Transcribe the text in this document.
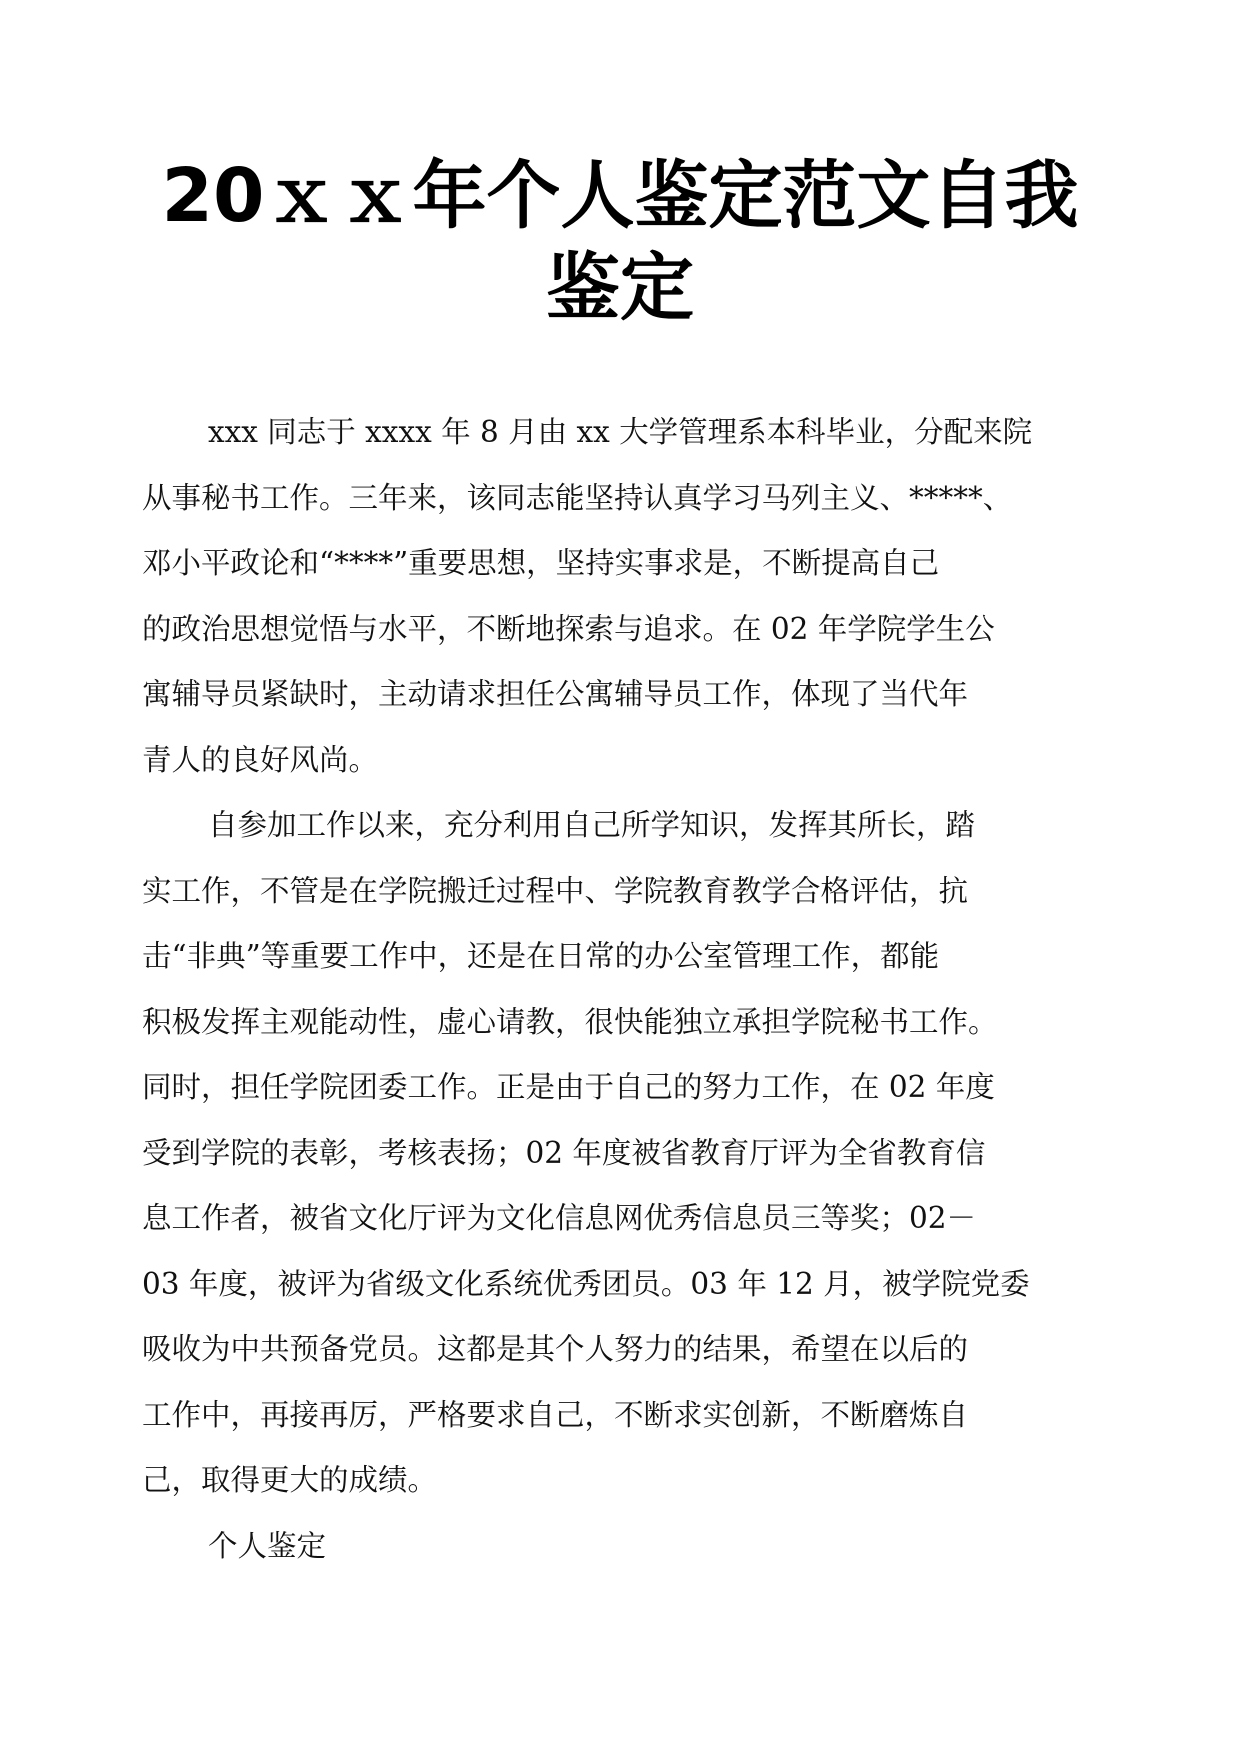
20ｘｘ年个人鉴定范文自我
鉴定
xxx 同志于 xxxx 年 8 月由 xx 大学管理系本科毕业，分配来院
从事秘书工作。三年来，该同志能坚持认真学习马列主义、*****、
邓小平政论和“****”重要思想，坚持实事求是，不断提高自己
的政治思想觉悟与水平，不断地探索与追求。在 02 年学院学生公
寓辅导员紧缺时，主动请求担任公寓辅导员工作，体现了当代年
青人的良好风尚。
自参加工作以来，充分利用自己所学知识，发挥其所长，踏
实工作，不管是在学院搬迁过程中、学院教育教学合格评估，抗
击“非典”等重要工作中，还是在日常的办公室管理工作，都能
积极发挥主观能动性，虚心请教，很快能独立承担学院秘书工作。
同时，担任学院团委工作。正是由于自己的努力工作，在 02 年度
受到学院的表彰，考核表扬；02 年度被省教育厅评为全省教育信
息工作者，被省文化厅评为文化信息网优秀信息员三等奖；02－
03 年度，被评为省级文化系统优秀团员。03 年 12 月，被学院党委
吸收为中共预备党员。这都是其个人努力的结果，希望在以后的
工作中，再接再厉，严格要求自己，不断求实创新，不断磨炼自
己，取得更大的成绩。
个人鉴定
